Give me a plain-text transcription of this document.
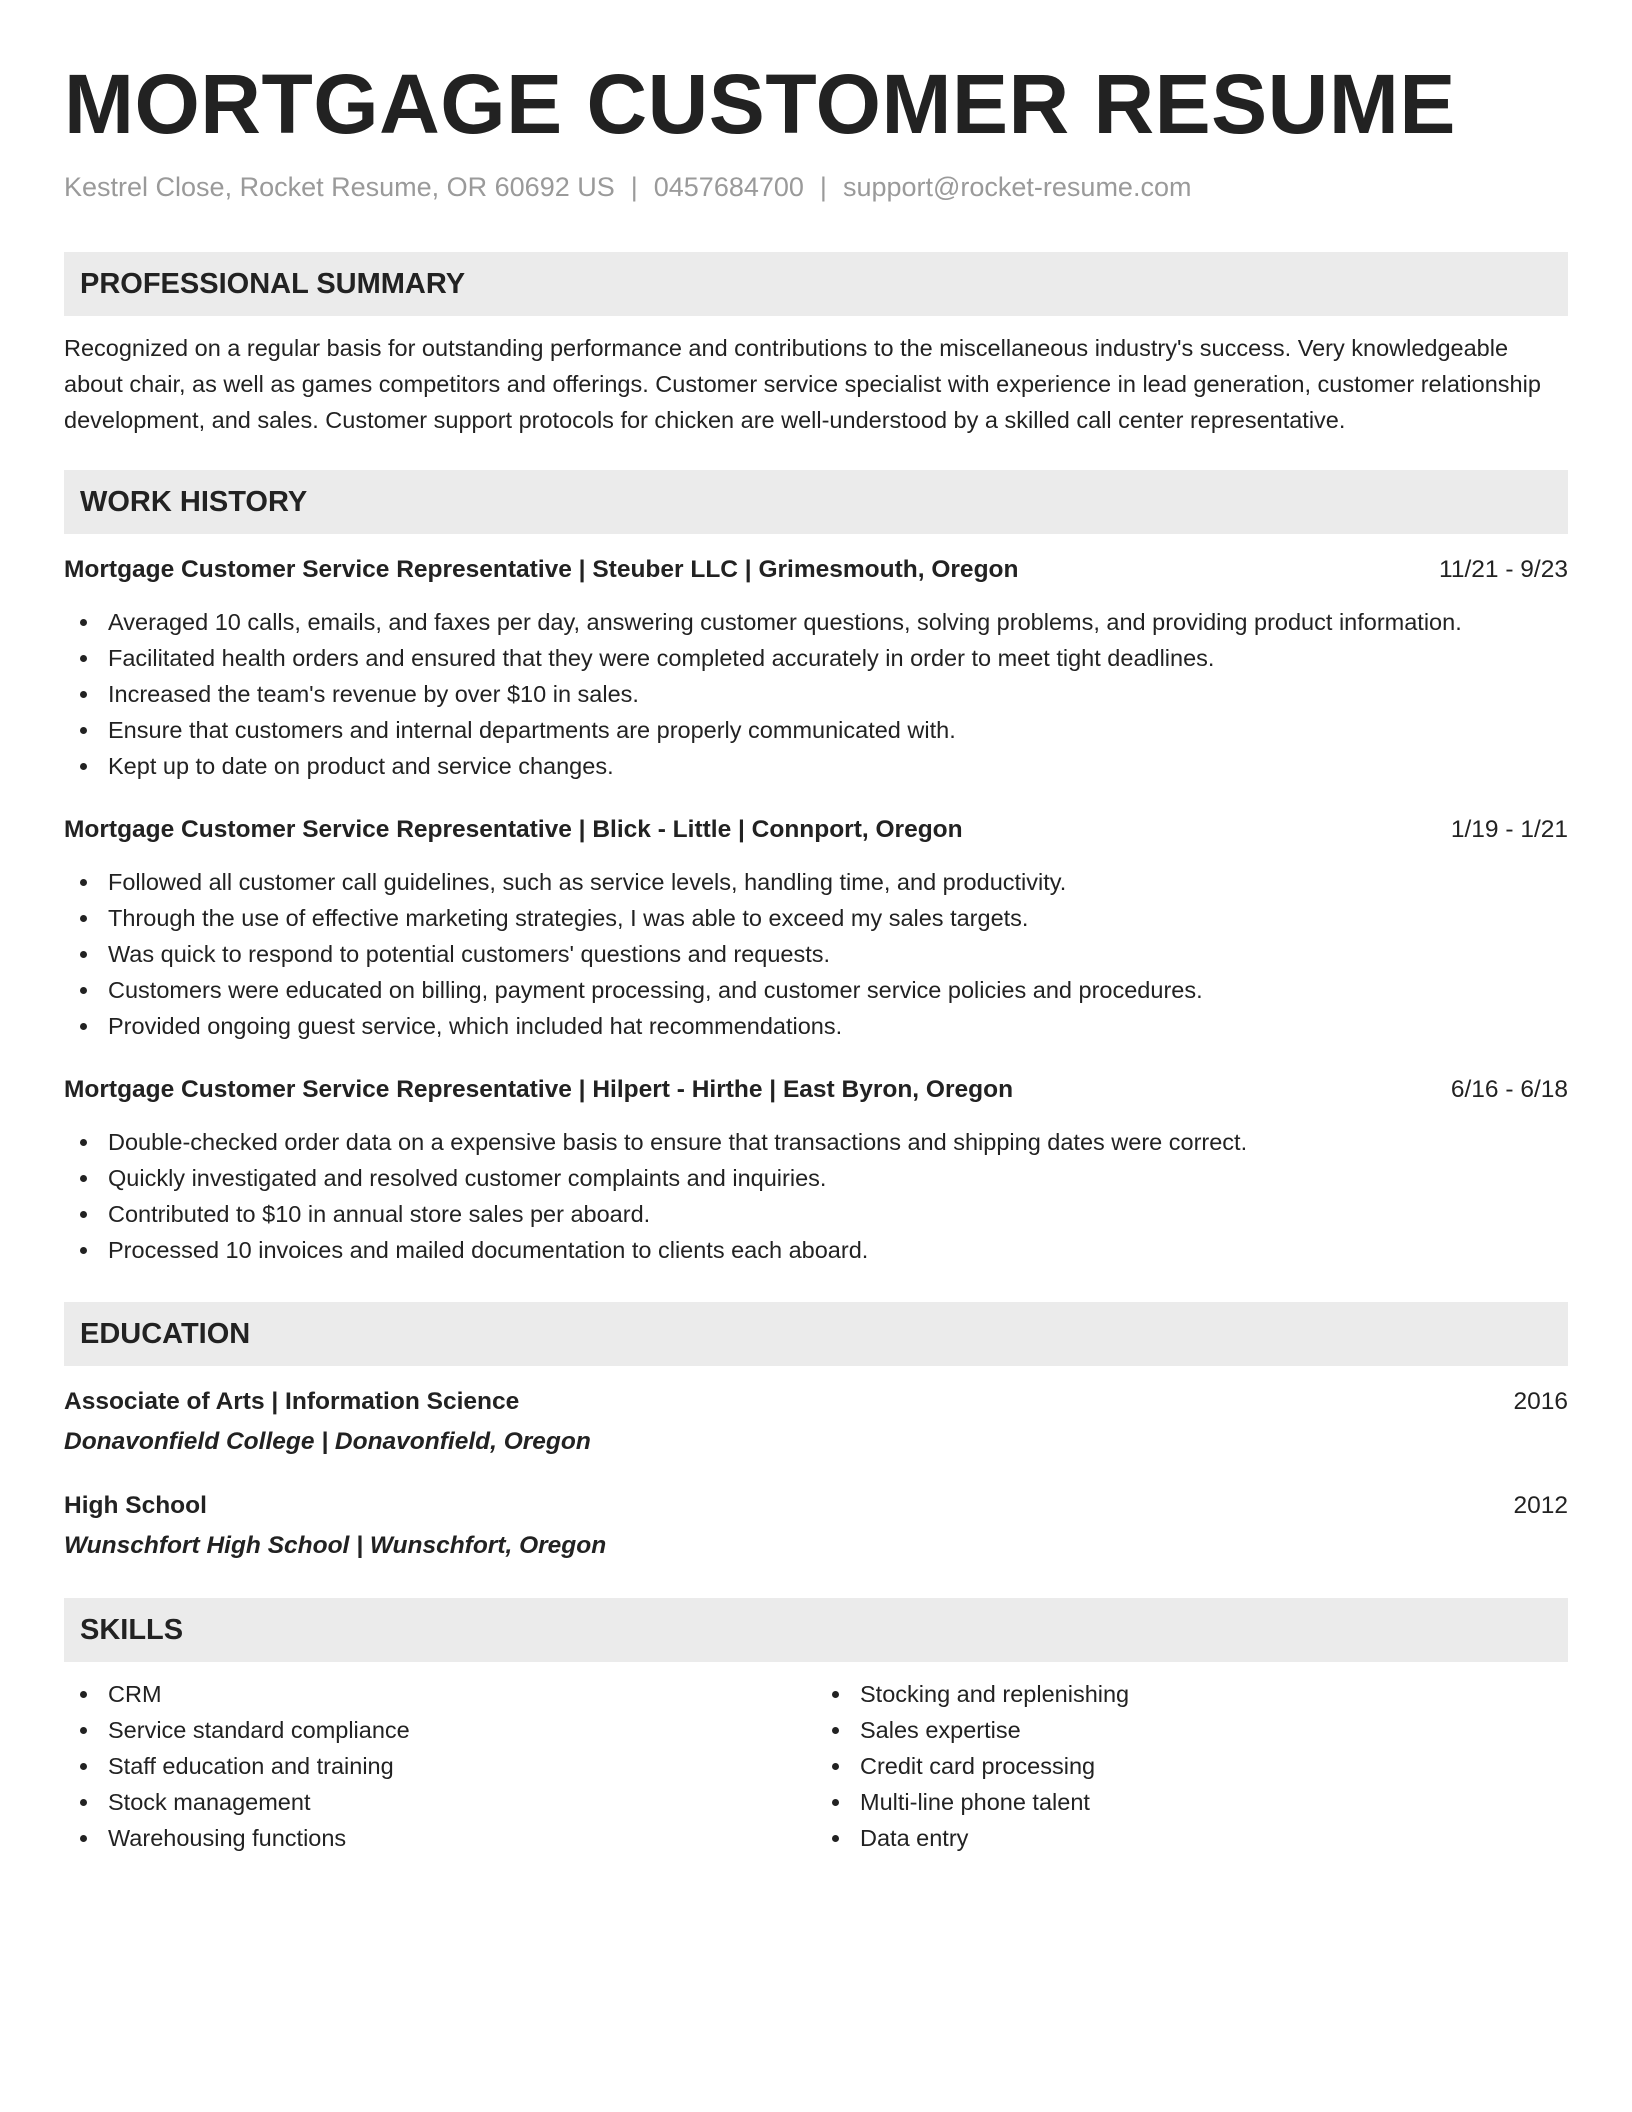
MORTGAGE CUSTOMER RESUME
Kestrel Close, Rocket Resume, OR 60692 US | 0457684700 | support@rocket-resume.com
PROFESSIONAL SUMMARY

Recognized on a regular basis for outstanding performance and contributions to the miscellaneous industry's success. Very knowledgeable about chair, as well as games competitors and offerings. Customer service specialist with experience in lead generation, customer relationship development, and sales. Customer support protocols for chicken are well-understood by a skilled call center representative.

WORK HISTORY
Mortgage Customer Service Representative | Steuber LLC | Grimesmouth, Oregon	11/21 - 9/23
Averaged 10 calls, emails, and faxes per day, answering customer questions, solving problems, and providing product information.
Facilitated health orders and ensured that they were completed accurately in order to meet tight deadlines.
Increased the team's revenue by over $10 in sales.
Ensure that customers and internal departments are properly communicated with.
Kept up to date on product and service changes.
Mortgage Customer Service Representative | Blick - Little | Connport, Oregon	1/19 - 1/21
Followed all customer call guidelines, such as service levels, handling time, and productivity.
Through the use of effective marketing strategies, I was able to exceed my sales targets.
Was quick to respond to potential customers' questions and requests.
Customers were educated on billing, payment processing, and customer service policies and procedures.
Provided ongoing guest service, which included hat recommendations.
Mortgage Customer Service Representative | Hilpert - Hirthe | East Byron, Oregon	6/16 - 6/18
Double-checked order data on a expensive basis to ensure that transactions and shipping dates were correct.
Quickly investigated and resolved customer complaints and inquiries.
Contributed to $10 in annual store sales per aboard.
Processed 10 invoices and mailed documentation to clients each aboard.
EDUCATION
Associate of Arts | Information Science	2016
Donavonfield College | Donavonfield, Oregon
High School	2012
Wunschfort High School | Wunschfort, Oregon
SKILLS
CRM
Service standard compliance
Staff education and training
Stock management
Warehousing functions
Stocking and replenishing
Sales expertise
Credit card processing
Multi-line phone talent
Data entry
